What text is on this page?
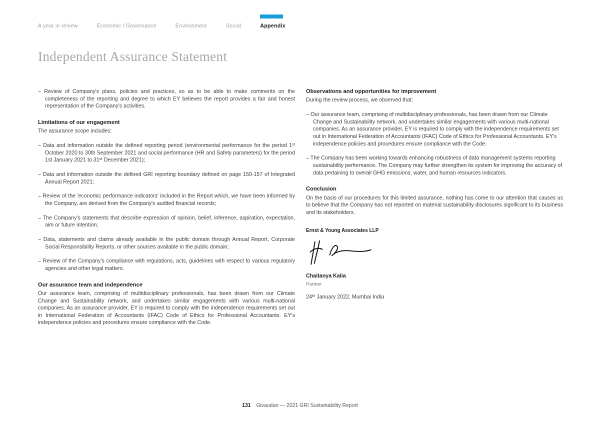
A year in review Economic / Governance Environment Social Appendix
Independent Assurance Statement
– Review of Company's plans, policies and practices, so as to be able to make comments on the completeness of the reporting and degree to which EY believes the report provides a fair and honest representation of the Company's activities.
Limitations of our engagement
The assurance scope includes:
– Data and information outside the defined reporting period (environmental performance for the period 1ˢᵗ October 2020 to 30th September 2021 and social performance (HR and Safety parameters) for the period 1st January 2021 to 31ˢᵗ December 2021);
– Data and information outside the defined GRI reporting boundary defined on page 150-157 of Integrated Annual Report 2021;
– Review of the 'economic performance indicators' included in the Report which, we have been informed by the Company, are derived from the Company's audited financial records;
– The Company's statements that describe expression of opinion, belief, inference, aspiration, expectation, aim or future intention;
– Data, statements and claims already available in the public domain through Annual Report, Corporate Social Responsibility Reports, or other sources available in the public domain;
– Review of the Company's compliance with regulations, acts, guidelines with respect to various regulatory agencies and other legal matters.
Our assurance team and independence
Our assurance team, comprising of multidisciplinary professionals, has been drawn from our Climate Change and Sustainability network, and undertakes similar engagements with various multi-national companies. As an assurance provider, EY is required to comply with the independence requirements set out in International Federation of Accountants (IFAC) Code of Ethics for Professional Accountants. EY's independence policies and procedures ensure compliance with the Code.
Observations and opportunities for improvement
During the review process, we observed that:
– Our assurance team, comprising of multidisciplinary professionals, has been drawn from our Climate Change and Sustainability network, and undertakes similar engagements with various multi-national companies. As an assurance provider, EY is required to comply with the independence requirements set out in International Federation of Accountants (IFAC) Code of Ethics for Professional Accountants. EY's independence policies and procedures ensure compliance with the Code.
– The Company has been working towards enhancing robustness of data management systems reporting sustainability performance. The Company may further strengthen its system for improving the accuracy of data pertaining to overall GHG emissions, water, and human resources indicators.
Conclusion
On the basis of our procedures for this limited assurance, nothing has come to our attention that causes us to believe that the Company has not reported on material sustainability disclosures significant to its business and its stakeholders.
Ernst & Young Associates LLP
Chaitanya Kalia
Partner
24ᵗʰ January 2022, Mumbai India
131 Givaudan — 2021 GRI Sustainability Report
